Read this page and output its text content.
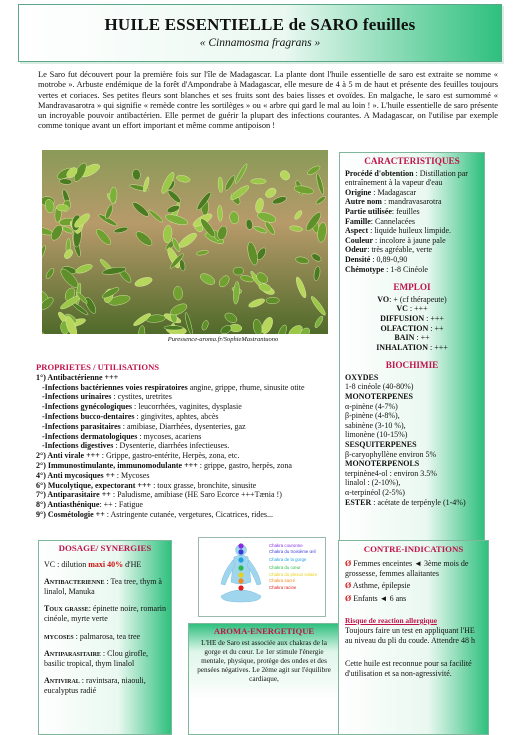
HUILE ESSENTIELLE de SARO feuilles
« Cinnamosma fragrans »
Le Saro fut découvert pour la première fois sur l'île de Madagascar. La plante dont l'huile essentielle de saro est extraite se nomme « motrobe ». Arbuste endémique de la forêt d'Ampondrabe à Madagascar, elle mesure de 4 à 5 m de haut et présente des feuilles toujours vertes et coriaces. Ses petites fleurs sont blanches et ses fruits sont des baies lisses et ovoïdes. En malgache, le saro est surnommé « Mandravasarotra » qui signifie « remède contre les sortilèges » ou « arbre qui gard le mal au loin ! ». L'huile essentielle de saro présente un incroyable pouvoir antibactérien. Elle permet de guérir la plupart des infections courantes. A Madagascar, on l'utilise par exemple comme tonique avant un effort important et même comme antipoison !
Puressence-aroma.fr/SophieMastrantuono
CARACTERISTIQUES
Procédé d'obtention : Distillation par entraînement à la vapeur d'eau
Origine : Madagascar
Autre nom : mandravasarotra
Partie utilisée: feuilles
Famille: Cannelacées
Aspect : liquide huileux limpide.
Couleur : incolore à jaune pale
Odeur: très agréable, verte
Densité : 0,89-0,90
Chémotype : 1-8 Cinéole
EMPLOI
VO: + (cf thérapeute)
VC : +++
DIFFUSION : +++
OLFACTION : ++
BAIN : ++
INHALATION : +++
BIOCHIMIE
OXYDES
1-8 cinéole (40-80%)
MONOTERPENES
α-pinène (4-7%)
β-pinène (4-8%),
sabinène (3-10 %),
limonène (10-15%)
SESQUITERPENES
β-caryophyllène environ 5%
MONOTERPENOLS
terpinène4-ol : environ 3.5%
linalol : (2-10%),
α-terpinéol (2-5%)
ESTER : acétate de terpényle (1-4%)
PROPRIETES / UTILISATIONS
1°) Antibactérienne +++
-Infections bactériennes voies respiratoires angine, grippe, rhume, sinusite otite
-Infections urinaires : cystites, uretrites
-Infections gynécologiques : leucorrhées, vaginites, dysplasie
-Infections bucco-dentaires : gingivites, aphtes, abcès
-Infections parasitaires : amibiase, Diarrhées, dysenteries, gaz
-Infections dermatologiques : mycoses, acariens
-Infections digestives : Dysenterie, diarrhées infectieuses.
2°) Anti virale +++ : Grippe, gastro-entérite, Herpès, zona, etc.
2°) Immunostimulante, immunomodulante +++ : grippe, gastro, herpès, zona
4°) Anti mycosiques ++ : Mycoses
6°) Mucolytique, expectorant +++ : toux grasse, bronchite, sinusite
7°) Antiparasitaire ++ : Paludisme, amibiase (HE Saro Ecorce +++Tænia !)
8°) Antiasthénique: ++ : Fatigue
9°) Cosmétologie ++ : Astringente cutanée, vergetures, Cicatrices, rides...
DOSAGE/ SYNERGIES

VC : dilution maxi 40% d'HE

Antibacterienne : Tea tree, thym à linalol, Manuka

Toux grasse: épinette noire, romarin cinéole, myrte verte

mycoses : palmarosa, tea tree

Antiparasitaire : Clou girofle, basilic tropical, thym linalol

Antiviral : ravintsara, niaouli, eucalyptus radié

Chakra couronne
Chakra du troisième œil
Chakra de la gorge
Chakra du cœur
Chakra du plexus solaire
Chakra sacré
Chakra racine
AROMA-ENERGETIQUE
L'HE de Saro est associée aux chakras de la gorge et du cœur. Le 1er stimule l'énergie mentale, physique, protège des ondes et des pensées négatives. Le 2ème agit sur l'équilibre cardiaque,
CONTRE-INDICATIONS

Ø Femmes enceintes ◄ 3ème mois de grossesse, femmes allaitantes

Ø Asthme, épilepsie

Ø Enfants ◄ 6 ans

Risque de reaction allergique
Toujours faire un test en appliquant l'HE au niveau du pli du coude. Attendre 48 h
Cette huile est reconnue pour sa facilité d'utilisation et sa non-agressivité.
